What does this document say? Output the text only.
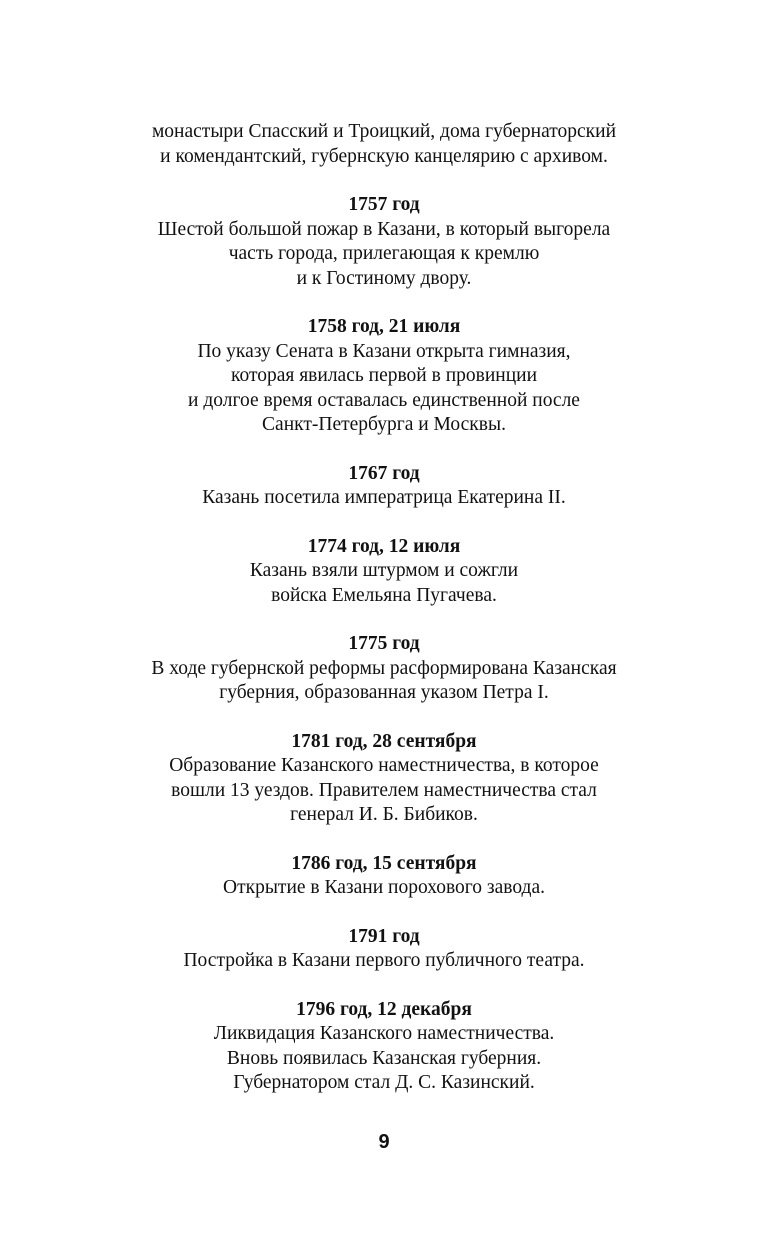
монастыри Спасский и Троицкий, дома губернаторский
и комендантский, губернскую канцелярию с архивом.
1757 год
Шестой большой пожар в Казани, в который выгорела
часть города, прилегающая к кремлю
и к Гостиному двору.
1758 год, 21 июля
По указу Сената в Казани открыта гимназия,
которая явилась первой в провинции
и долгое время оставалась единственной после
Санкт-Петербурга и Москвы.
1767 год
Казань посетила императрица Екатерина II.
1774 год, 12 июля
Казань взяли штурмом и сожгли
войска Емельяна Пугачева.
1775 год
В ходе губернской реформы расформирована Казанская
губерния, образованная указом Петра I.
1781 год, 28 сентября
Образование Казанского наместничества, в которое
вошли 13 уездов. Правителем наместничества стал
генерал И. Б. Бибиков.
1786 год, 15 сентября
Открытие в Казани порохового завода.
1791 год
Постройка в Казани первого публичного театра.
1796 год, 12 декабря
Ликвидация Казанского наместничества.
Вновь появилась Казанская губерния.
Губернатором стал Д. С. Казинский.
9
